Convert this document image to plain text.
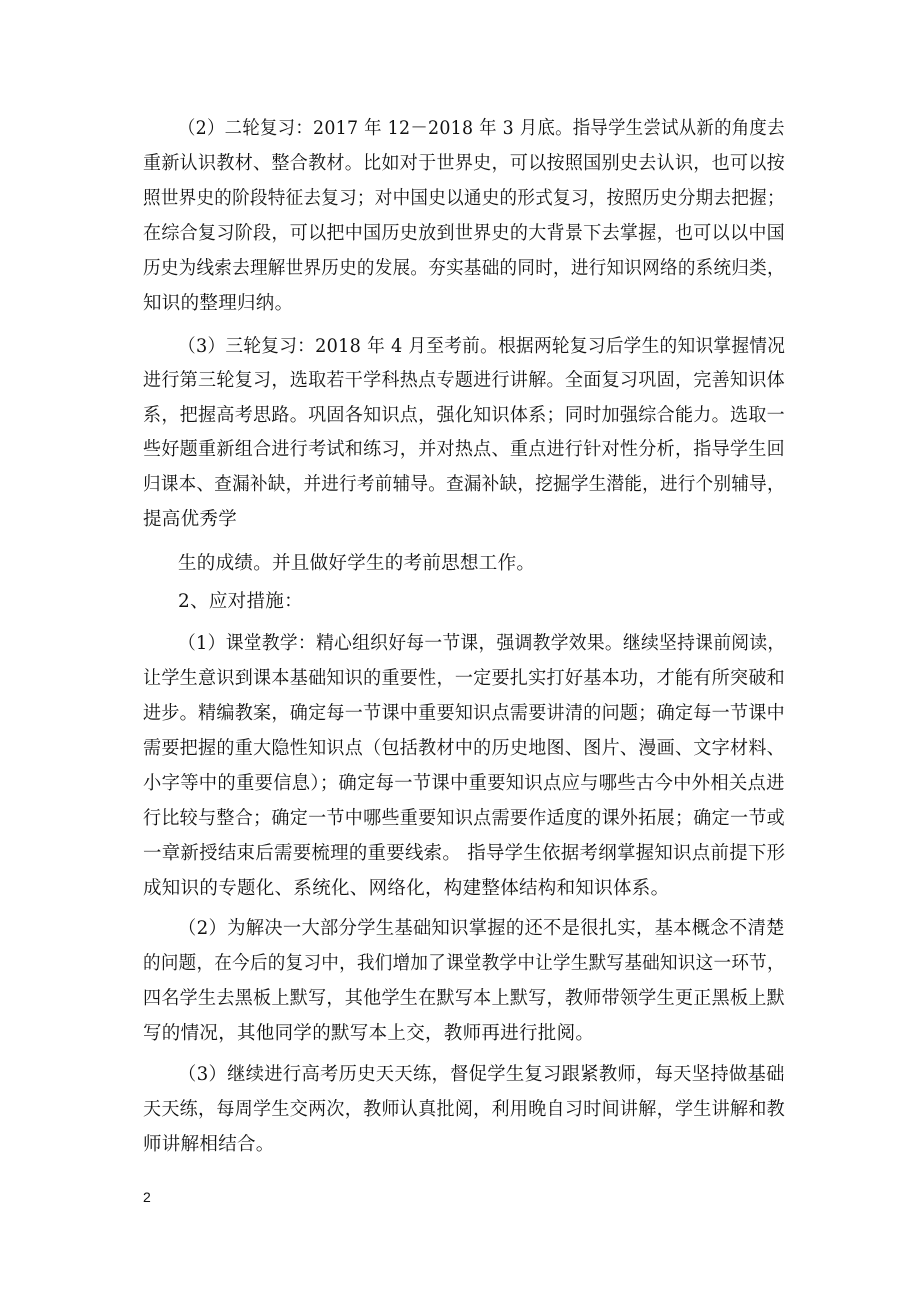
（2）二轮复习：2017 年 12－2018 年 3 月底。指导学生尝试从新的角度去
重新认识教材、整合教材。比如对于世界史，可以按照国别史去认识，也可以按
照世界史的阶段特征去复习；对中国史以通史的形式复习，按照历史分期去把握；
在综合复习阶段，可以把中国历史放到世界史的大背景下去掌握，也可以以中国
历史为线索去理解世界历史的发展。夯实基础的同时，进行知识网络的系统归类，
知识的整理归纳。
（3）三轮复习：2018 年 4 月至考前。根据两轮复习后学生的知识掌握情况
进行第三轮复习，选取若干学科热点专题进行讲解。全面复习巩固，完善知识体
系，把握高考思路。巩固各知识点，强化知识体系；同时加强综合能力。选取一
些好题重新组合进行考试和练习，并对热点、重点进行针对性分析，指导学生回
归课本、查漏补缺，并进行考前辅导。查漏补缺，挖掘学生潜能，进行个别辅导，
提高优秀学
生的成绩。并且做好学生的考前思想工作。
2、应对措施：
（1）课堂教学：精心组织好每一节课，强调教学效果。继续坚持课前阅读，
让学生意识到课本基础知识的重要性，一定要扎实打好基本功，才能有所突破和
进步。精编教案，确定每一节课中重要知识点需要讲清的问题；确定每一节课中
需要把握的重大隐性知识点（包括教材中的历史地图、图片、漫画、文字材料、
小字等中的重要信息）；确定每一节课中重要知识点应与哪些古今中外相关点进
行比较与整合；确定一节中哪些重要知识点需要作适度的课外拓展；确定一节或
一章新授结束后需要梳理的重要线索。 指导学生依据考纲掌握知识点前提下形
成知识的专题化、系统化、网络化，构建整体结构和知识体系。
（2）为解决一大部分学生基础知识掌握的还不是很扎实，基本概念不清楚
的问题，在今后的复习中，我们增加了课堂教学中让学生默写基础知识这一环节，
四名学生去黑板上默写，其他学生在默写本上默写，教师带领学生更正黑板上默
写的情况，其他同学的默写本上交，教师再进行批阅。
（3）继续进行高考历史天天练，督促学生复习跟紧教师，每天坚持做基础
天天练，每周学生交两次，教师认真批阅，利用晚自习时间讲解，学生讲解和教
师讲解相结合。
2
